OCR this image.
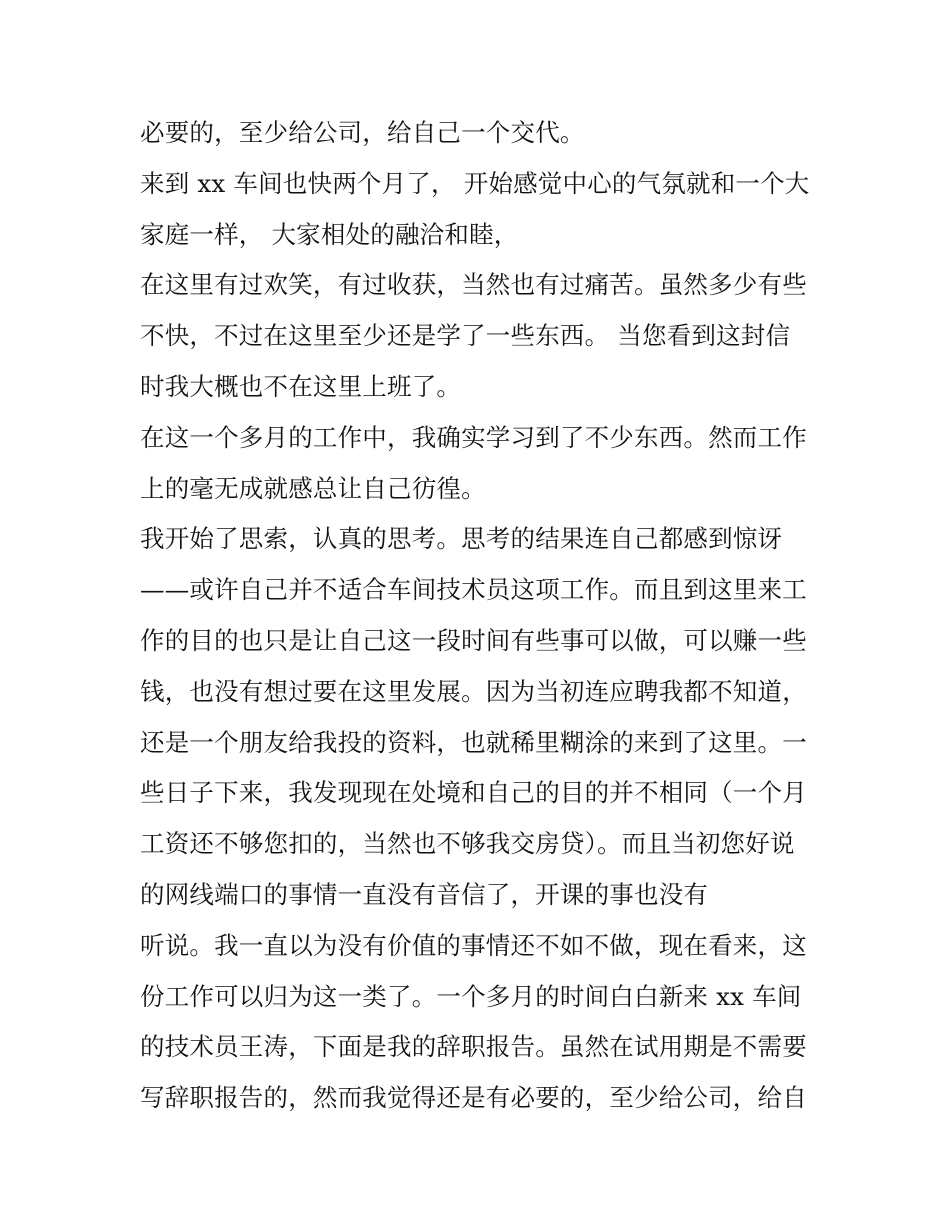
必要的，至少给公司，给自己一个交代。
来到 xx 车间也快两个月了， 开始感觉中心的气氛就和一个大
家庭一样， 大家相处的融洽和睦，
在这里有过欢笑，有过收获，当然也有过痛苦。虽然多少有些
不快，不过在这里至少还是学了一些东西。 当您看到这封信
时我大概也不在这里上班了。
在这一个多月的工作中，我确实学习到了不少东西。然而工作
上的毫无成就感总让自己彷徨。
我开始了思索，认真的思考。思考的结果连自己都感到惊讶
——或许自己并不适合车间技术员这项工作。而且到这里来工
作的目的也只是让自己这一段时间有些事可以做，可以赚一些
钱，也没有想过要在这里发展。因为当初连应聘我都不知道，
还是一个朋友给我投的资料，也就稀里糊涂的来到了这里。一
些日子下来，我发现现在处境和自己的目的并不相同（一个月
工资还不够您扣的，当然也不够我交房贷）。而且当初您好说
的网线端口的事情一直没有音信了，开课的事也没有
听说。我一直以为没有价值的事情还不如不做，现在看来，这
份工作可以归为这一类了。一个多月的时间白白新来 xx 车间
的技术员王涛，下面是我的辞职报告。虽然在试用期是不需要
写辞职报告的，然而我觉得还是有必要的，至少给公司，给自
